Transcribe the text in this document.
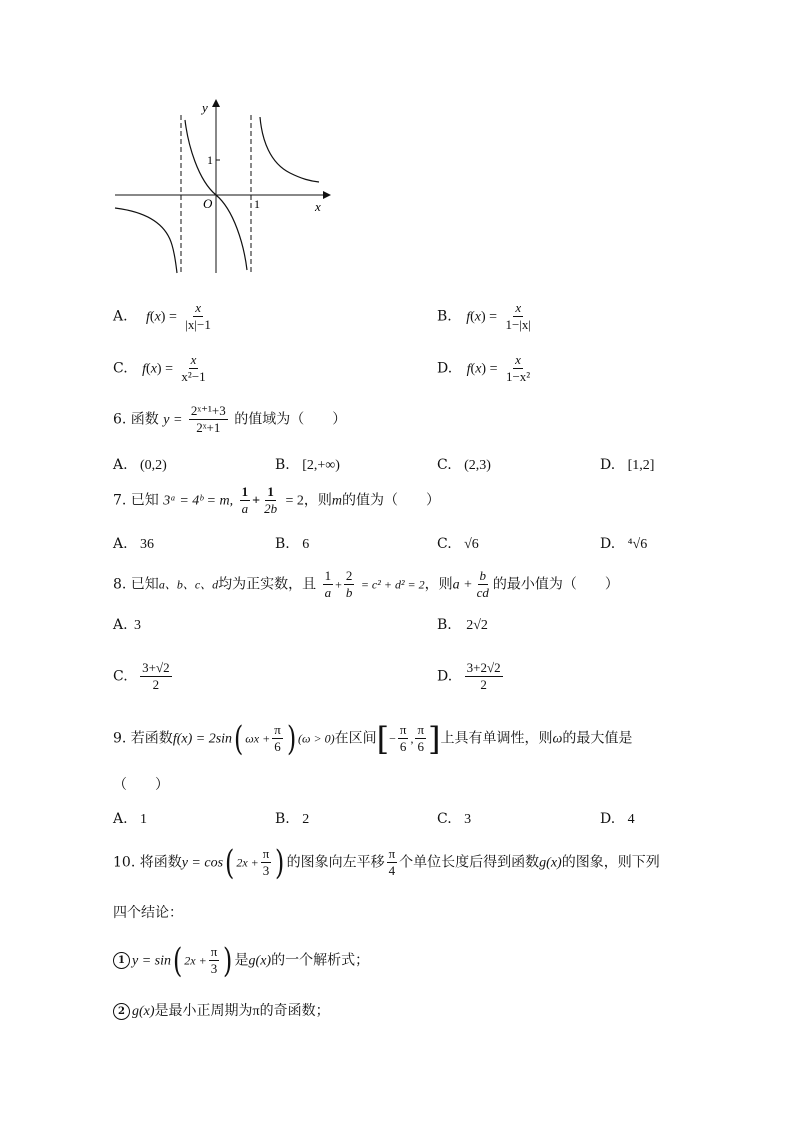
y
x
O
1
1
A. $f(x) = \frac{x}{|x|-1}$	B. $f(x) = \frac{x}{1-|x|}$
C. $f(x) = \frac{x}{\text{x²−1}}$	D. $f(x) = \frac{x}{\text{1−x²}}$
6. 函数 $y = \frac{\text{2ˣ⁺¹+3}}{\text{2ˣ+1}}$ 的值域为（　　）
A. (0,2)	B. [2,+∞)	C. (2,3)	D. [1,2]
7. 已知 3ᵃ = 4ᵇ = m, $\frac{1}{a} + \frac{1}{2b} = 2$，则m的值为（　　）
A. 36	B. 6	C. √6	D. ⁴√6
8. 已知a、b、c、d均为正实数，且 $\frac{1}{a} + \frac{2}{b} = c^2 + d^2 = 2$，则$a + \frac{b}{cd}$ 的最小值为（　　）
A. 3	B. 2√2
C. $\frac{3+√2}{2}$	D. $\frac{3+2√2}{2}$
9. 若函数f(x) = 2sin( $\omega x + \frac{\pi}{6}$ ) (ω > 0)在区间[− $\frac{\pi}{6}$ , $\frac{\pi}{6}$ ]上具有单调性，则ω的最大值是
（　　）
A. 1	B. 2	C. 3	D. 4
10. 将函数y = cos( $2x + \frac{\pi}{3}$ ) 的图象向左平移 $\frac{\pi}{4}$ 个单位长度后得到函数g(x)的图象，则下列
四个结论：
1 y = sin( $2x + \frac{\pi}{3}$ ) 是g(x)的一个解析式；
2 g(x)是最小正周期为π的奇函数；
